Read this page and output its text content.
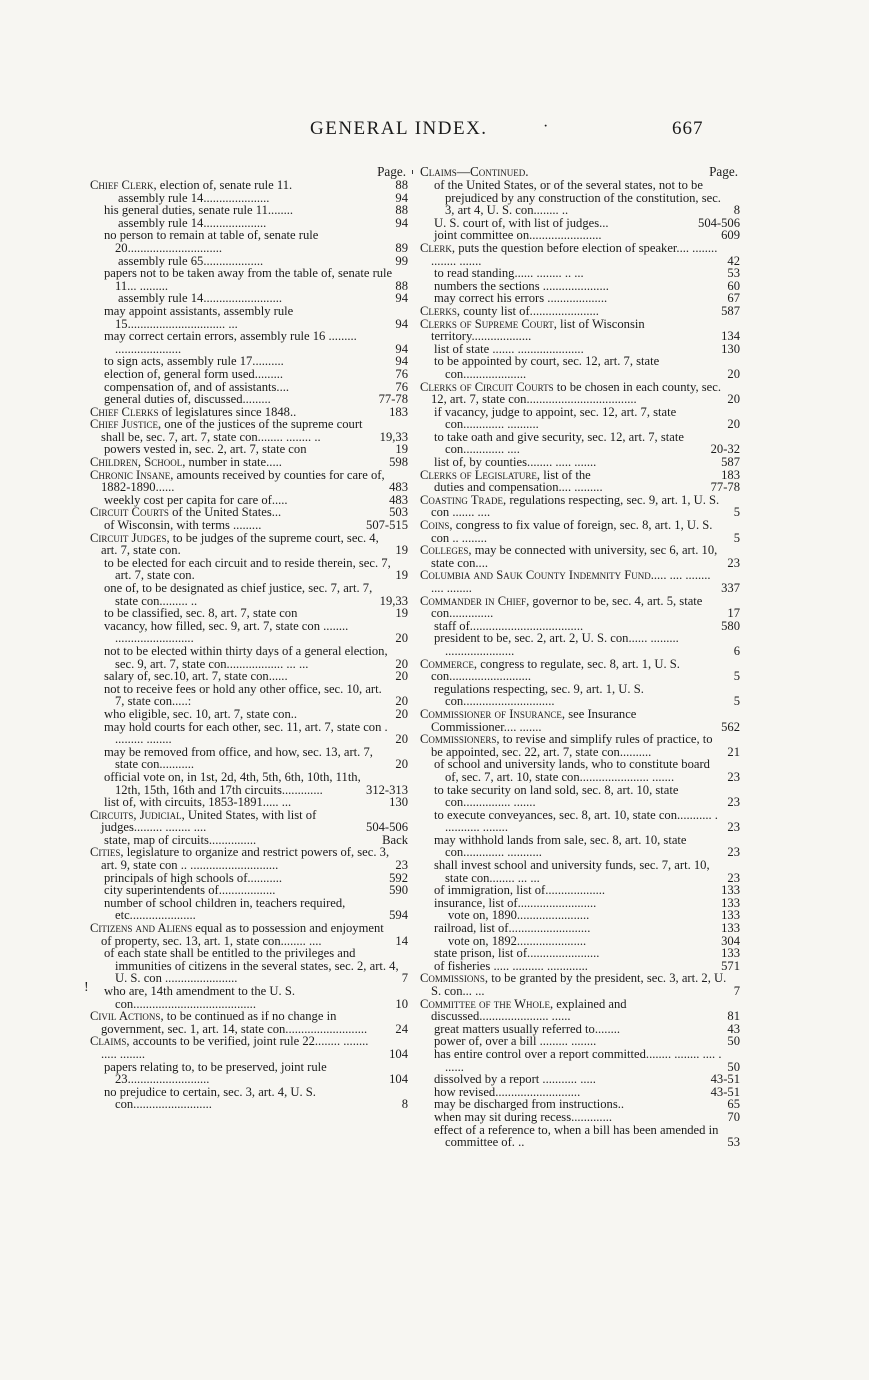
GENERAL INDEX.	·	667
Page.
Chief Clerk, election of, senate rule 11.	88
assembly rule 14.....................	94
his general duties, senate rule 11........	88
assembly rule 14....................	94
no person to remain at table of, senate rule 20..............................	89
assembly rule 65...................	99
papers not to be taken away from the table of, senate rule 11... .........	88
assembly rule 14.........................	94
may appoint assistants, assembly rule 15............................... ...	94
may correct certain errors, assembly rule 16 ......... .....................	94
to sign acts, assembly rule 17..........	94
election of, general form used.........	76
compensation of, and of assistants....	76
general duties of, discussed.........	77-78
Chief Clerks of legislatures since 1848..	183
Chief Justice, one of the justices of the supreme court shall be, sec. 7, art. 7, state con........ ........ ..	19,33
powers vested in, sec. 2, art. 7, state con	19
Children, School, number in state.....	598
Chronic Insane, amounts received by counties for care of, 1882-1890......	483
weekly cost per capita for care of.....	483
Circuit Courts of the United States...	503
of Wisconsin, with terms .........	507-515
Circuit Judges, to be judges of the supreme court, sec. 4, art. 7, state con.	19
to be elected for each circuit and to reside therein, sec. 7, art. 7, state con.	19
one of, to be designated as chief justice, sec. 7, art. 7, state con......... ..	19,33
to be classified, sec. 8, art. 7, state con	19
vacancy, how filled, sec. 9, art. 7, state con ........ .........................	20
not to be elected within thirty days of a general election, sec. 9, art. 7, state con.................. ... ...	20
salary of, sec.10, art. 7, state con......	20
not to receive fees or hold any other office, sec. 10, art. 7, state con.....:	20
who eligible, sec. 10, art. 7, state con..	20
may hold courts for each other, sec. 11, art. 7, state con . ......... ........	20
may be removed from office, and how, sec. 13, art. 7, state con...........	20
official vote on, in 1st, 2d, 4th, 5th, 6th, 10th, 11th, 12th, 15th, 16th and 17th circuits.............	312-313
list of, with circuits, 1853-1891..... ...	130
Circuits, Judicial, United States, with list of judges......... ........ ....	504-506
state, map of circuits...............	Back
Cities, legislature to organize and restrict powers of, sec. 3, art. 9, state con .. ............................	23
principals of high schools of...........	592
city superintendents of..................	590
number of school children in, teachers required, etc.....................	594
Citizens and Aliens equal as to possession and enjoyment of property, sec. 13, art. 1, state con........ ....	14
of each state shall be entitled to the privileges and immunities of citizens in the several states, sec. 2, art. 4, U. S. con .......................	7
who are, 14th amendment to the U. S. con.......................................	10
Civil Actions, to be continued as if no change in government, sec. 1, art. 14, state con..........................	24
Claims, accounts to be verified, joint rule 22........ ........ ..... ........	104
papers relating to, to be preserved, joint rule 23..........................	104
no prejudice to certain, sec. 3, art. 4, U. S. con.........................	8
Claims—Continued.	Page.
of the United States, or of the several states, not to be prejudiced by any construction of the constitution, sec. 3, art 4, U. S. con........ ..	8
U. S. court of, with list of judges...	504-506
joint committee on.......................	609
Clerk, puts the question before election of speaker.... ........ ........ .......	42
to read standing...... ........ .. ...	53
numbers the sections .....................	60
may correct his errors ...................	67
Clerks, county list of......................	587
Clerks of Supreme Court, list of Wisconsin territory...................	134
list of state ....... .....................	130
to be appointed by court, sec. 12, art. 7, state con....................	20
Clerks of Circuit Courts to be chosen in each county, sec. 12, art. 7, state con...................................	20
if vacancy, judge to appoint, sec. 12, art. 7, state con............. ..........	20
to take oath and give security, sec. 12, art. 7, state con............. ....	20-32
list of, by counties........ ..... .......	587
Clerks of Legislature, list of the	183
duties and compensation.... .........	77-78
Coasting Trade, regulations respecting, sec. 9, art. 1, U. S. con ....... ....	5
Coins, congress to fix value of foreign, sec. 8, art. 1, U. S. con .. ........	5
Colleges, may be connected with university, sec 6, art. 10, state con....	23
Columbia and Sauk County Indemnity Fund..... .... ........ .... ........	337
Commander in Chief, governor to be, sec. 4, art. 5, state con..............	17
staff of....................................	580
president to be, sec. 2, art. 2, U. S. con...... ......... ......................	6
Commerce, congress to regulate, sec. 8, art. 1, U. S. con..........................	5
regulations respecting, sec. 9, art. 1, U. S. con.............................	5
Commissioner of Insurance, see Insurance Commissioner.... .......	562
Commissioners, to revise and simplify rules of practice, to be appointed, sec. 22, art. 7, state con..........	21
of school and university lands, who to constitute board of, sec. 7, art. 10, state con...................... .......	23
to take security on land sold, sec. 8, art. 10, state con............... .......	23
to execute conveyances, sec. 8, art. 10, state con........... . ........... ........	23
may withhold lands from sale, sec. 8, art. 10, state con............. ...........	23
shall invest school and university funds, sec. 7, art. 10, state con........ ... ...	23
of immigration, list of...................	133
insurance, list of.........................	133
vote on, 1890.......................	133
railroad, list of..........................	133
vote on, 1892......................	304
state prison, list of.......................	133
of fisheries ..... .......... .............	571
Commissions, to be granted by the president, sec. 3, art. 2, U. S. con... ...	7
Committee of the Whole, explained and discussed...................... ......	81
great matters usually referred to........	43
power of, over a bill ......... ........	50
has entire control over a report committed........ ........ .... . ......	50
dissolved by a report ........... .....	43-51
how revised...........................	43-51
may be discharged from instructions..	65
when may sit during recess.............	70
effect of a reference to, when a bill has been amended in committee of. ..	53
!
